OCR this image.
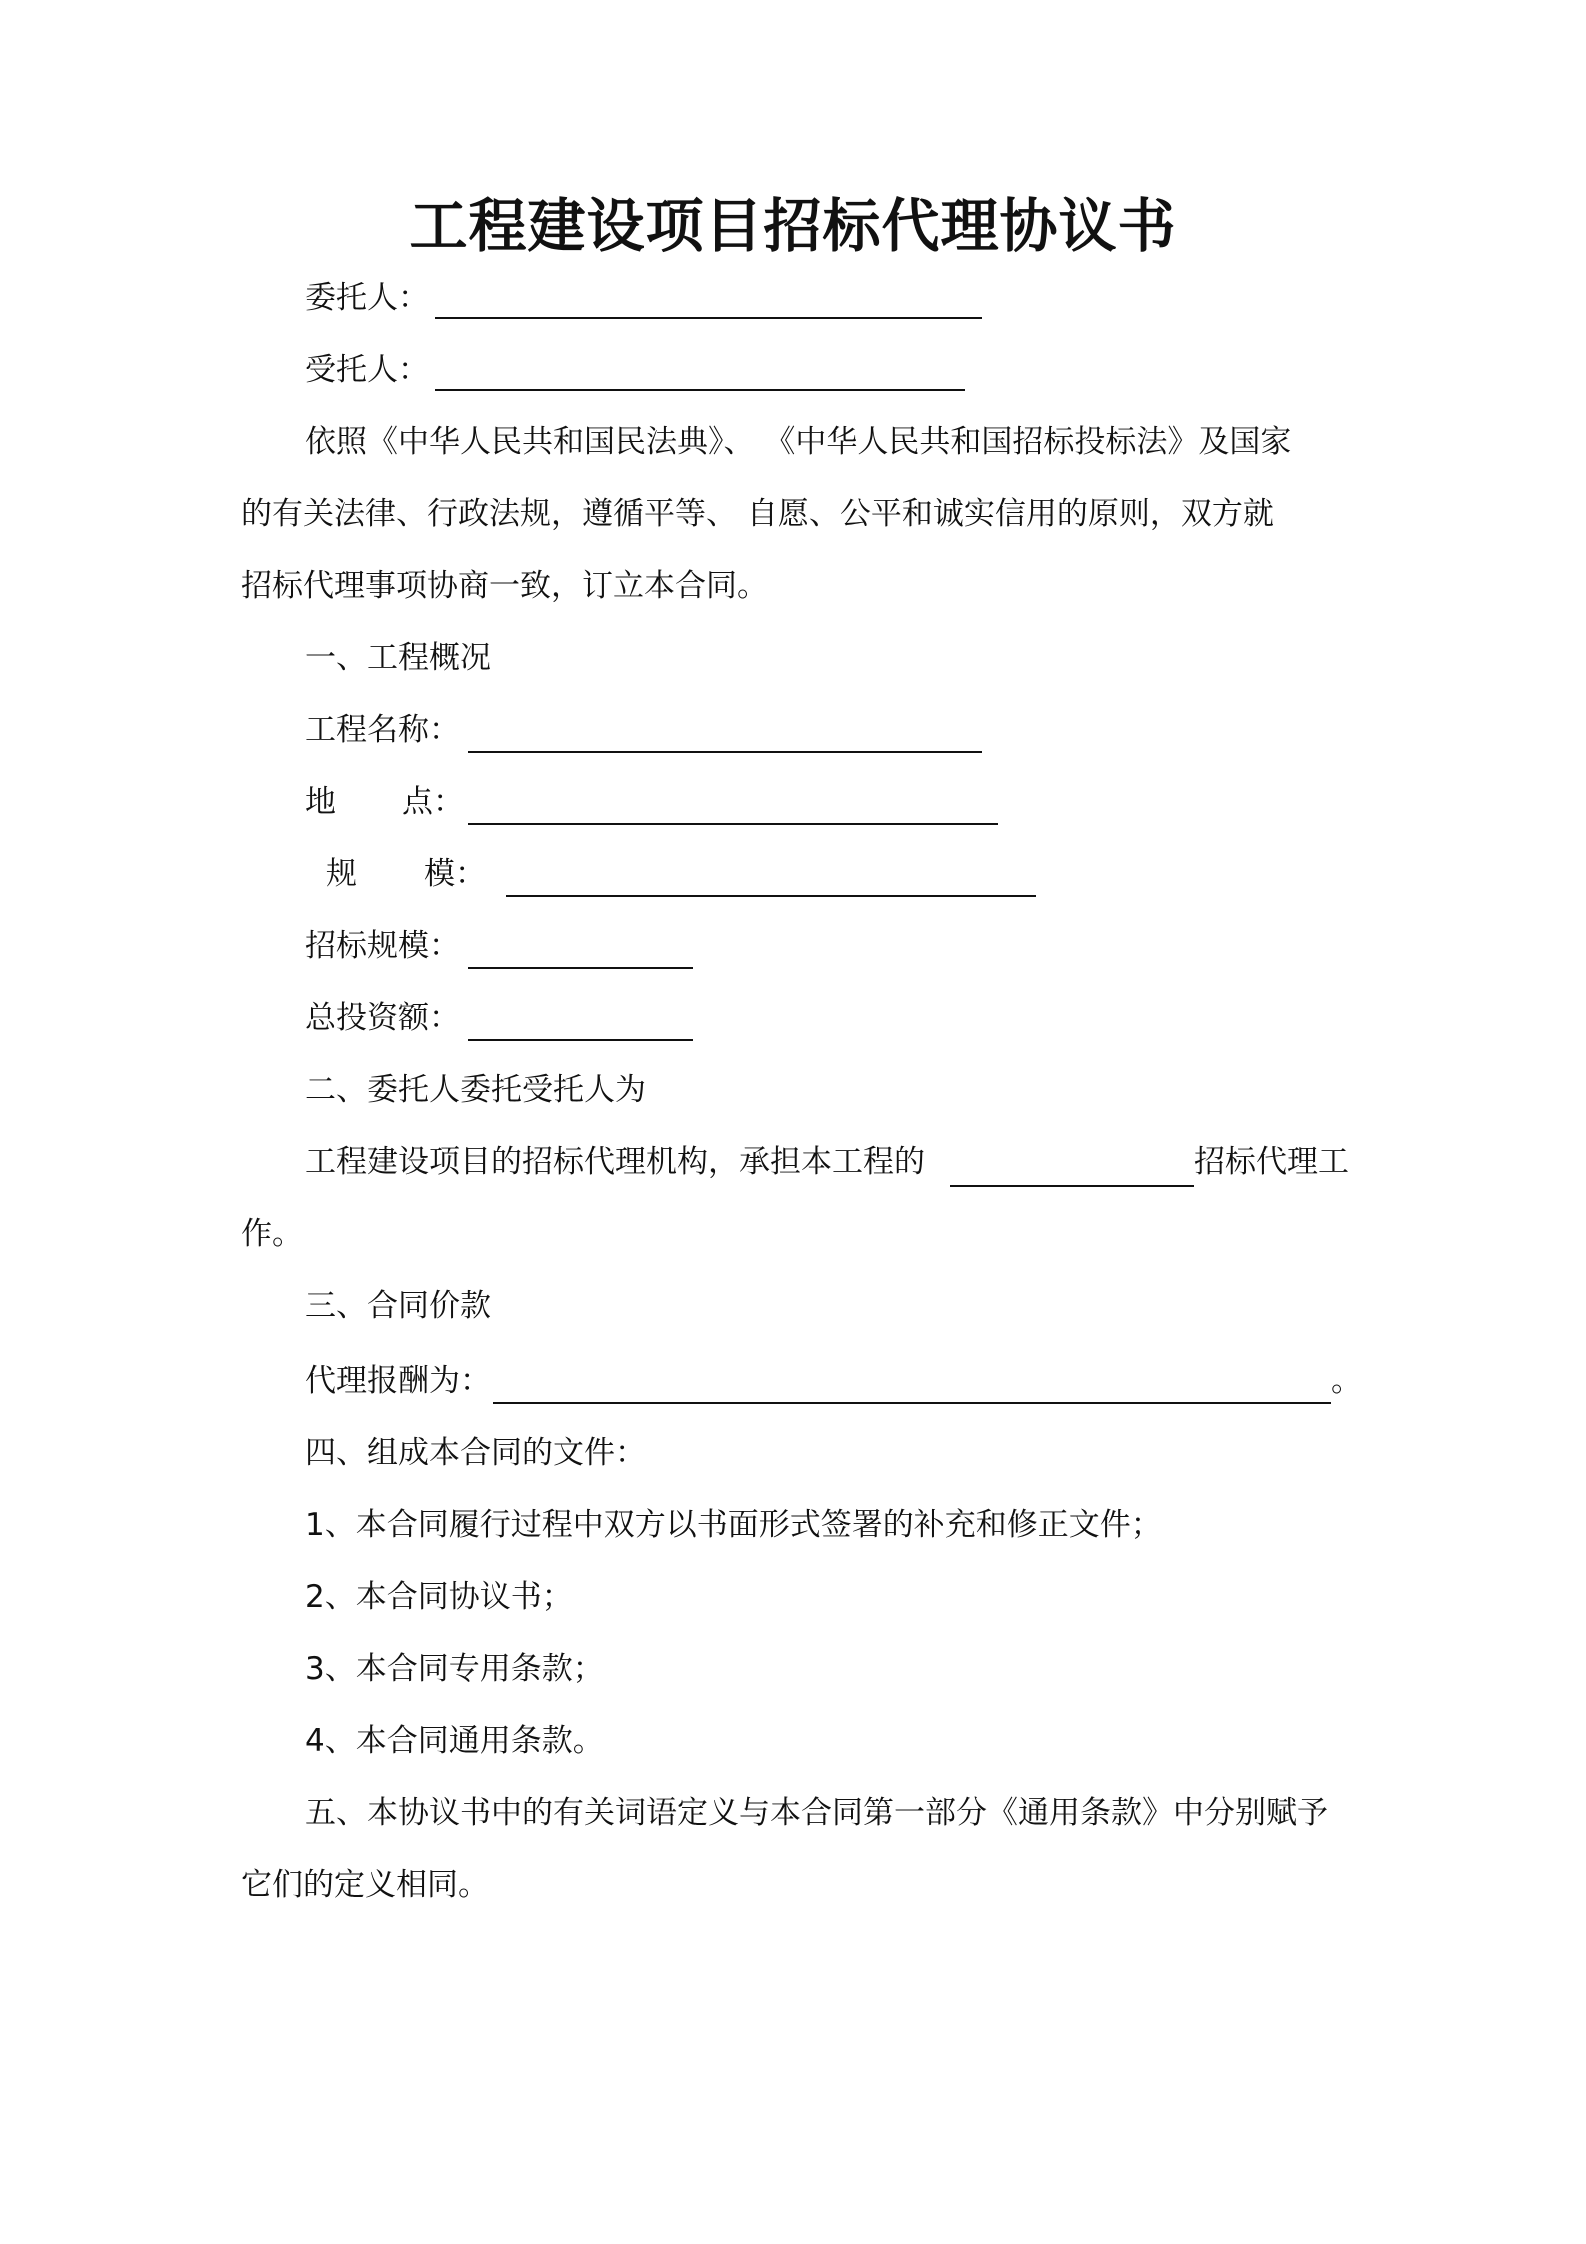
工程建设项目招标代理协议书
委托人：
受托人：
依照《中华人民共和国民法典》、 《中华人民共和国招标投标法》及国家
的有关法律、行政法规，遵循平等、 自愿、公平和诚实信用的原则，双方就
招标代理事项协商一致，订立本合同。
一、工程概况
工程名称：
地 点：
规 模：
招标规模：
总投资额：
二、委托人委托受托人为
工程建设项目的招标代理机构，承担本工程的	招标代理工
作。
三、合同价款
代理报酬为：	。
四、组成本合同的文件：
1、本合同履行过程中双方以书面形式签署的补充和修正文件；
2、本合同协议书；
3、本合同专用条款；
4、本合同通用条款。
五、本协议书中的有关词语定义与本合同第一部分《通用条款》中分别赋予
它们的定义相同。
